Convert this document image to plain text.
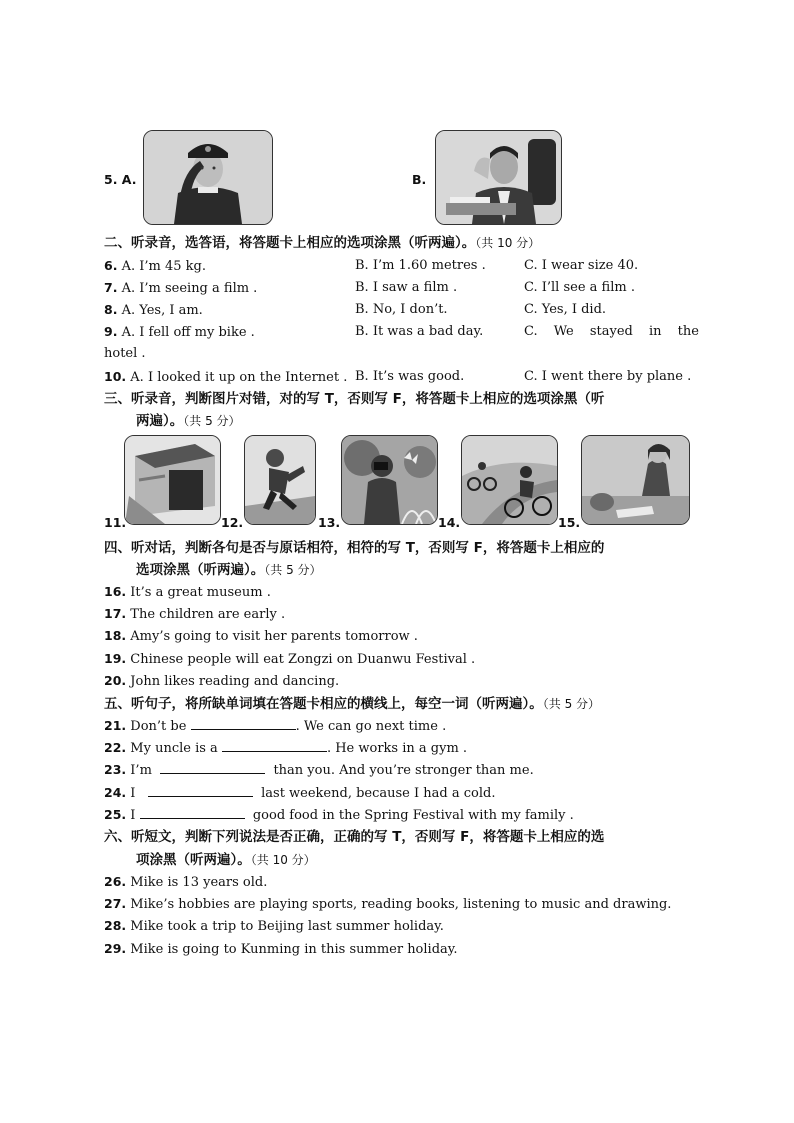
5. A.	B.
二、听录音，选答语，将答题卡上相应的选项涂黑（听两遍）。（共 10 分）
6. A. I’m 45 kg.	B. I’m 1.60 metres .	C. I wear size 40.
7. A. I’m seeing a film .	B. I saw a film .	C. I’ll see a film .
8. A. Yes, I am.	B. No, I don’t.	C. Yes, I did.
9. A. I fell off my bike .	B. It was a bad day.	C. We stayed in the
hotel .
10. A. I looked it up on the Internet . B. It’s was good.	C. I went there by plane .
三、听录音，判断图片对错，对的写 T，否则写 F，将答题卡上相应的选项涂黑（听
两遍）。（共 5 分）
11.	12.	13.	14.	15.
四、听对话，判断各句是否与原话相符，相符的写 T，否则写 F，将答题卡上相应的
选项涂黑（听两遍）。（共 5 分）
16. It’s a great museum .
17. The children are early .
18. Amy’s going to visit her parents tomorrow .
19. Chinese people will eat Zongzi on Duanwu Festival .
20. John likes reading and dancing.
五、听句子，将所缺单词填在答题卡相应的横线上，每空一词（听两遍）。（共 5 分）
21. Don’t be	. We can go next time .
22. My uncle is a	. He works in a gym .
23. I’m	than you. And you’re stronger than me.
24. I	last weekend, because I had a cold.
25. I	good food in the Spring Festival with my family .
六、听短文，判断下列说法是否正确，正确的写 T，否则写 F，将答题卡上相应的选
项涂黑（听两遍）。（共 10 分）
26. Mike is 13 years old.
27. Mike’s hobbies are playing sports, reading books, listening to music and drawing.
28. Mike took a trip to Beijing last summer holiday.
29. Mike is going to Kunming in this summer holiday.
